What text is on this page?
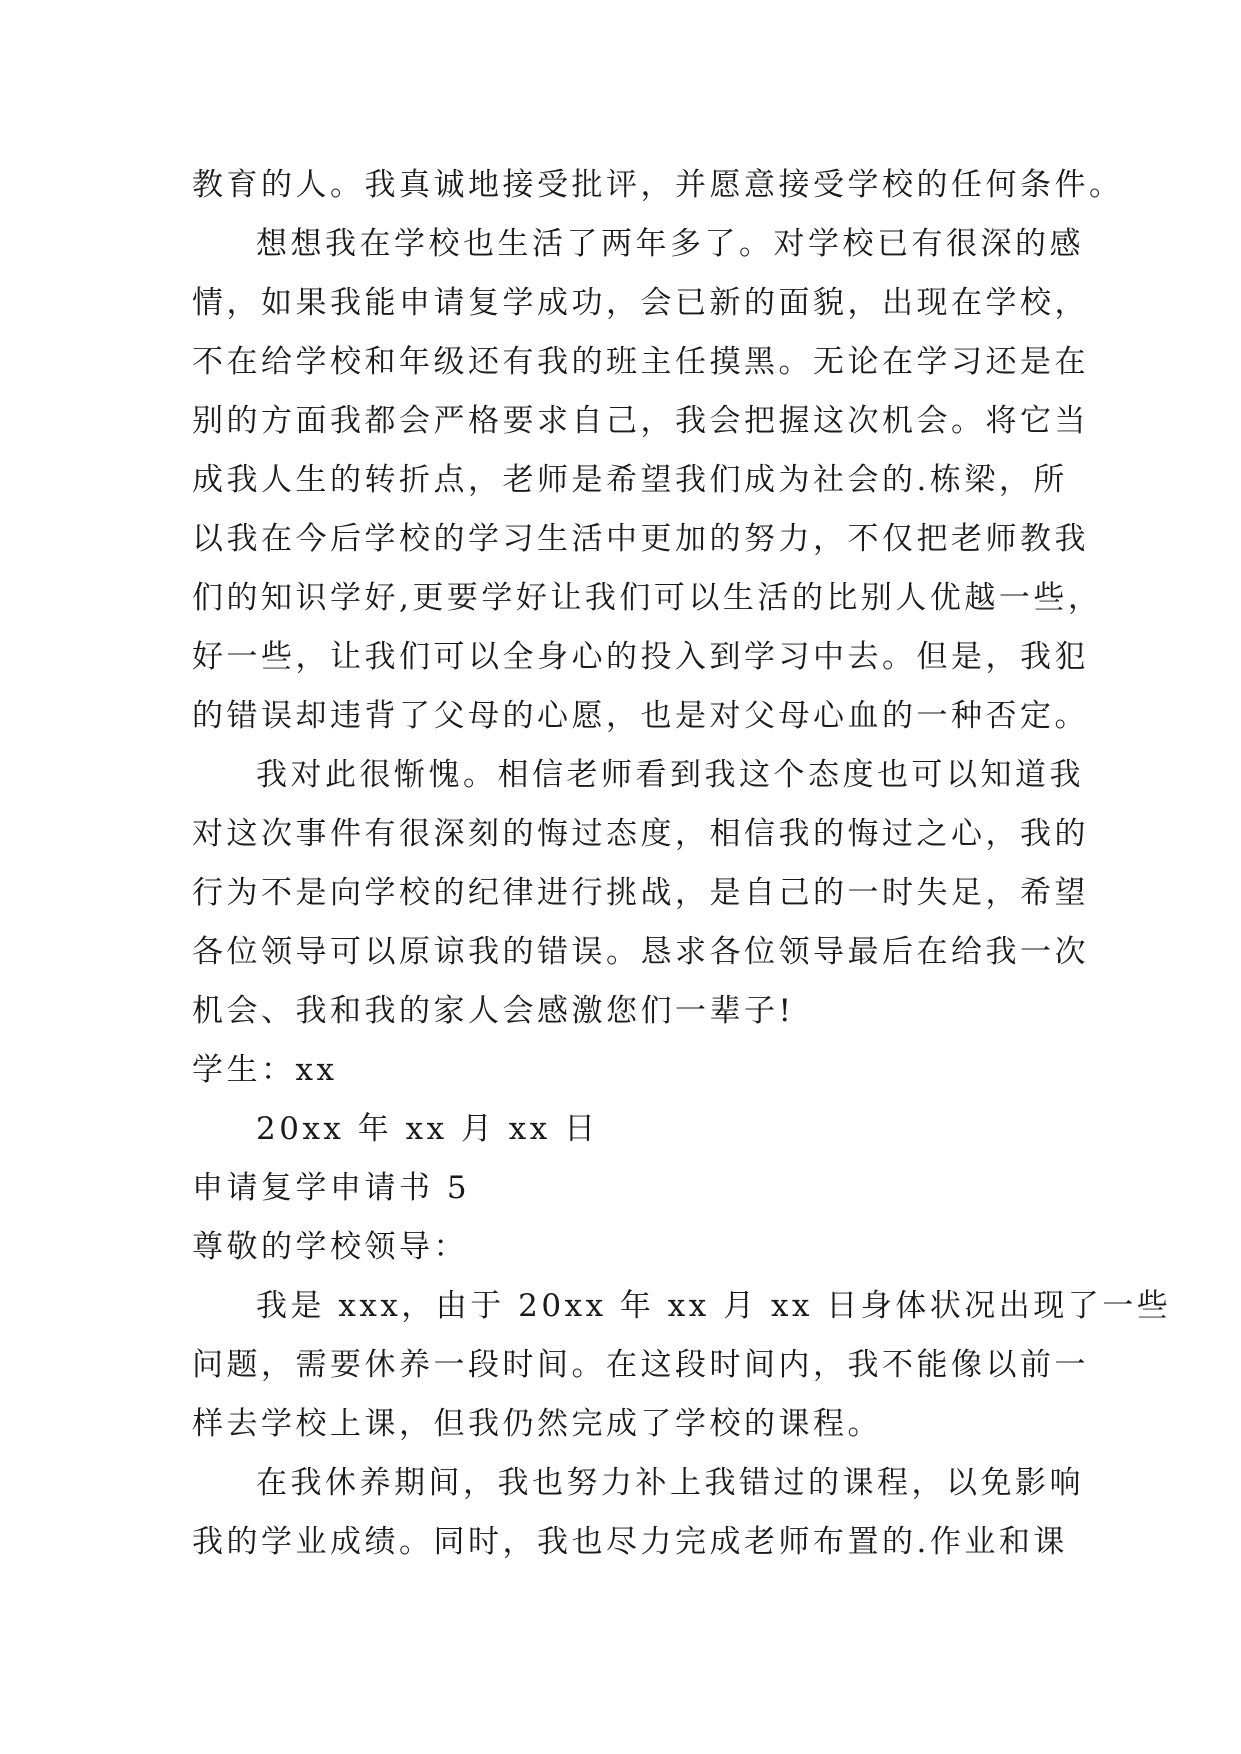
教育的人。我真诚地接受批评，并愿意接受学校的任何条件。
想想我在学校也生活了两年多了。对学校已有很深的感
情，如果我能申请复学成功，会已新的面貌，出现在学校，
不在给学校和年级还有我的班主任摸黑。无论在学习还是在
别的方面我都会严格要求自己，我会把握这次机会。将它当
成我人生的转折点，老师是希望我们成为社会的.栋梁，所
以我在今后学校的学习生活中更加的努力，不仅把老师教我
们的知识学好,更要学好让我们可以生活的比别人优越一些，
好一些，让我们可以全身心的投入到学习中去。但是，我犯
的错误却违背了父母的心愿，也是对父母心血的一种否定。
我对此很惭愧。相信老师看到我这个态度也可以知道我
对这次事件有很深刻的悔过态度，相信我的悔过之心，我的
行为不是向学校的纪律进行挑战，是自己的一时失足，希望
各位领导可以原谅我的错误。恳求各位领导最后在给我一次
机会、我和我的家人会感激您们一辈子!
学生：xx
20xx 年 xx 月 xx 日
申请复学申请书 5
尊敬的学校领导：
我是 xxx，由于 20xx 年 xx 月 xx 日身体状况出现了一些
问题，需要休养一段时间。在这段时间内，我不能像以前一
样去学校上课，但我仍然完成了学校的课程。
在我休养期间，我也努力补上我错过的课程，以免影响
我的学业成绩。同时，我也尽力完成老师布置的.作业和课
